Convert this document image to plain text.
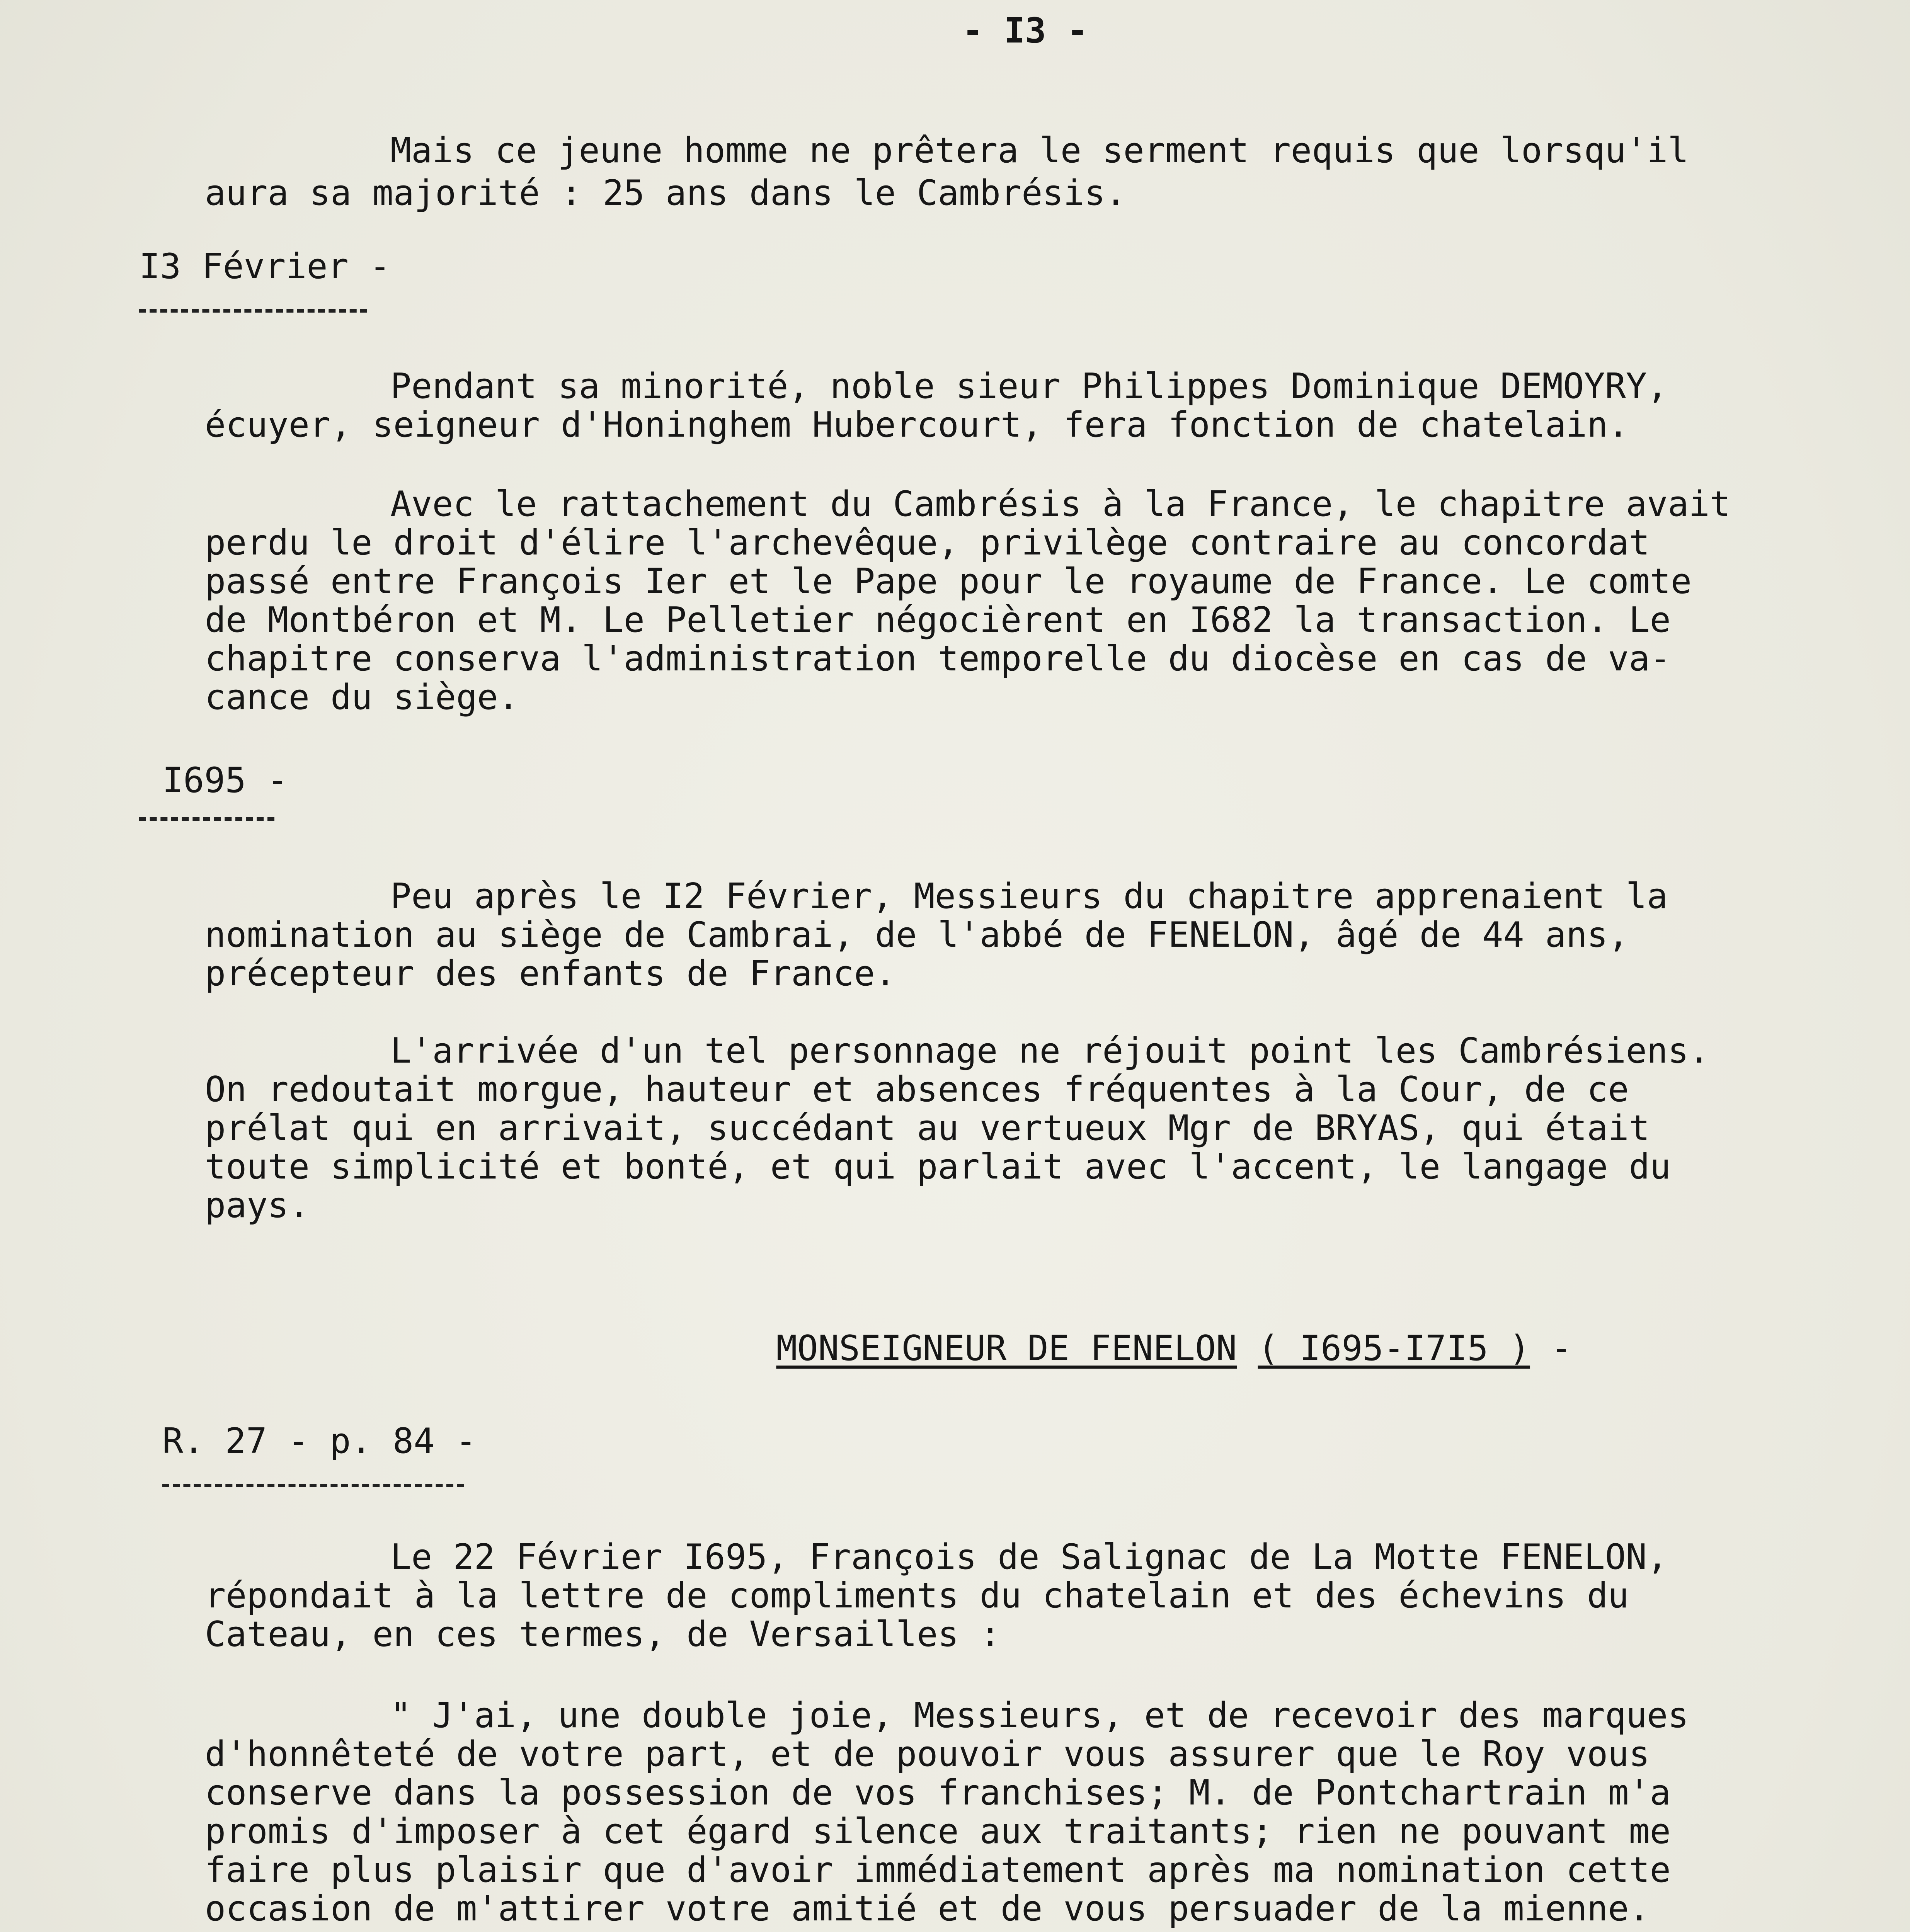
- I3 -
Mais ce jeune homme ne prêtera le serment requis que lorsqu'il
aura sa majorité : 25 ans dans le Cambrésis.
I3 Février -
Pendant sa minorité, noble sieur Philippes Dominique DEMOYRY,
écuyer, seigneur d'Honinghem Hubercourt, fera fonction de chatelain.
Avec le rattachement du Cambrésis à la France, le chapitre avait
perdu le droit d'élire l'archevêque, privilège contraire au concordat
passé entre François Ier et le Pape pour le royaume de France. Le comte
de Montbéron et M. Le Pelletier négocièrent en I682 la transaction. Le
chapitre conserva l'administration temporelle du diocèse en cas de va-
cance du siège.
I695 -
Peu après le I2 Février, Messieurs du chapitre apprenaient la
nomination au siège de Cambrai, de l'abbé de FENELON, âgé de 44 ans,
précepteur des enfants de France.
L'arrivée d'un tel personnage ne réjouit point les Cambrésiens.
On redoutait morgue, hauteur et absences fréquentes à la Cour, de ce
prélat qui en arrivait, succédant au vertueux Mgr de BRYAS, qui était
toute simplicité et bonté, et qui parlait avec l'accent, le langage du
pays.

MONSEIGNEUR DE FENELON ( I695-I7I5 ) -

R. 27 - p. 84 -
Le 22 Février I695, François de Salignac de La Motte FENELON,
répondait à la lettre de compliments du chatelain et des échevins du
Cateau, en ces termes, de Versailles :
" J'ai, une double joie, Messieurs, et de recevoir des marques
d'honnêteté de votre part, et de pouvoir vous assurer que le Roy vous
conserve dans la possession de vos franchises; M. de Pontchartrain m'a
promis d'imposer à cet égard silence aux traitants; rien ne pouvant me
faire plus plaisir que d'avoir immédiatement après ma nomination cette
occasion de m'attirer votre amitié et de vous persuader de la mienne.
